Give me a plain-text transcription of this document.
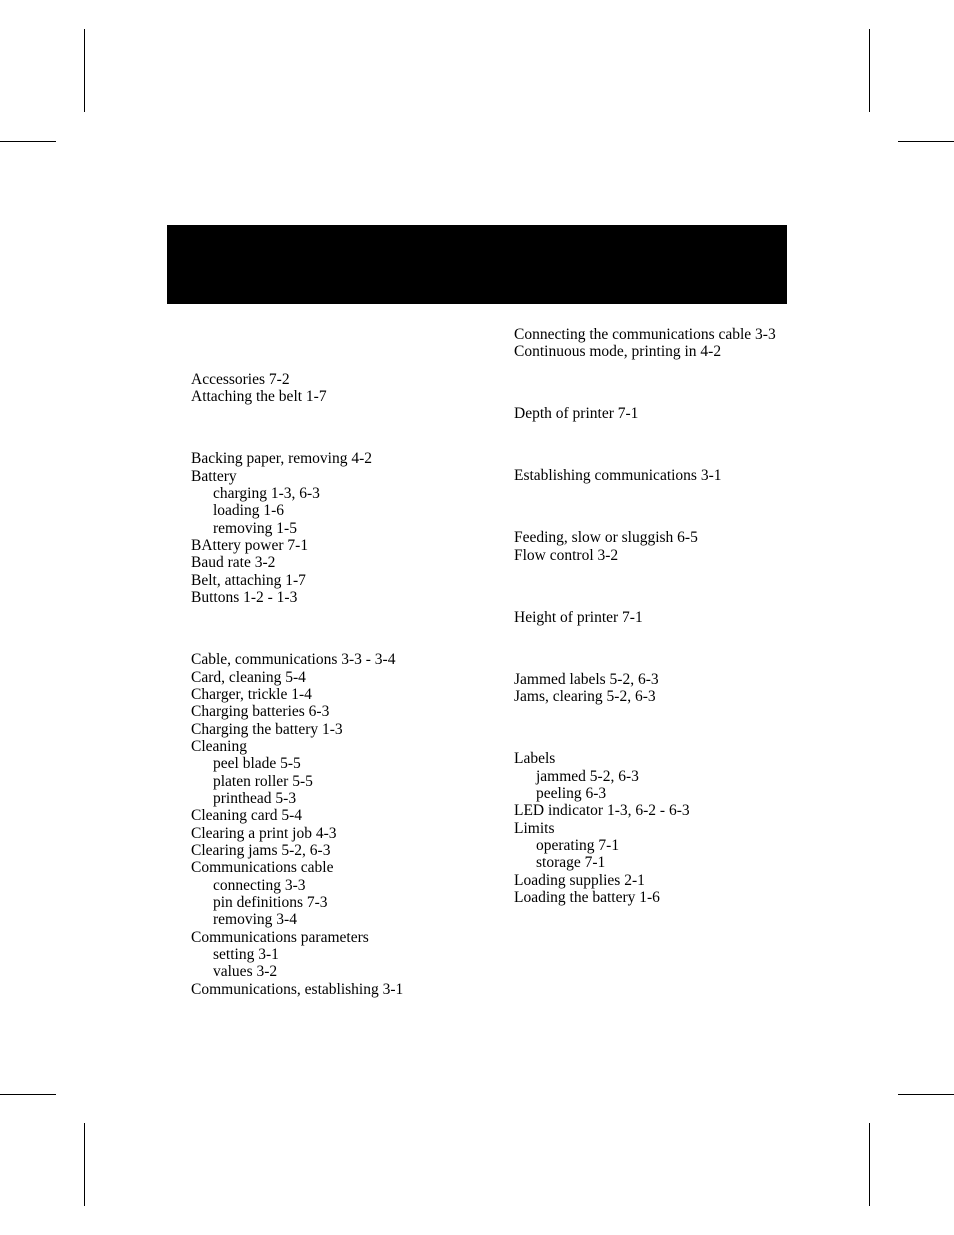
Accessories 7-2
Attaching the belt 1-7
Backing paper, removing 4-2
Battery
charging 1-3, 6-3
loading 1-6
removing 1-5
BAttery power 7-1
Baud rate 3-2
Belt, attaching 1-7
Buttons 1-2 - 1-3
Cable, communications 3-3 - 3-4
Card, cleaning 5-4
Charger, trickle 1-4
Charging batteries 6-3
Charging the battery 1-3
Cleaning
peel blade 5-5
platen roller 5-5
printhead 5-3
Cleaning card 5-4
Clearing a print job 4-3
Clearing jams 5-2, 6-3
Communications cable
connecting 3-3
pin definitions 7-3
removing 3-4
Communications parameters
setting 3-1
values 3-2
Communications, establishing 3-1
Connecting the communications cable 3-3
Continuous mode, printing in 4-2
Depth of printer 7-1
Establishing communications 3-1
Feeding, slow or sluggish 6-5
Flow control 3-2
Height of printer 7-1
Jammed labels 5-2, 6-3
Jams, clearing 5-2, 6-3
Labels
jammed 5-2, 6-3
peeling 6-3
LED indicator 1-3, 6-2 - 6-3
Limits
operating 7-1
storage 7-1
Loading supplies 2-1
Loading the battery 1-6
